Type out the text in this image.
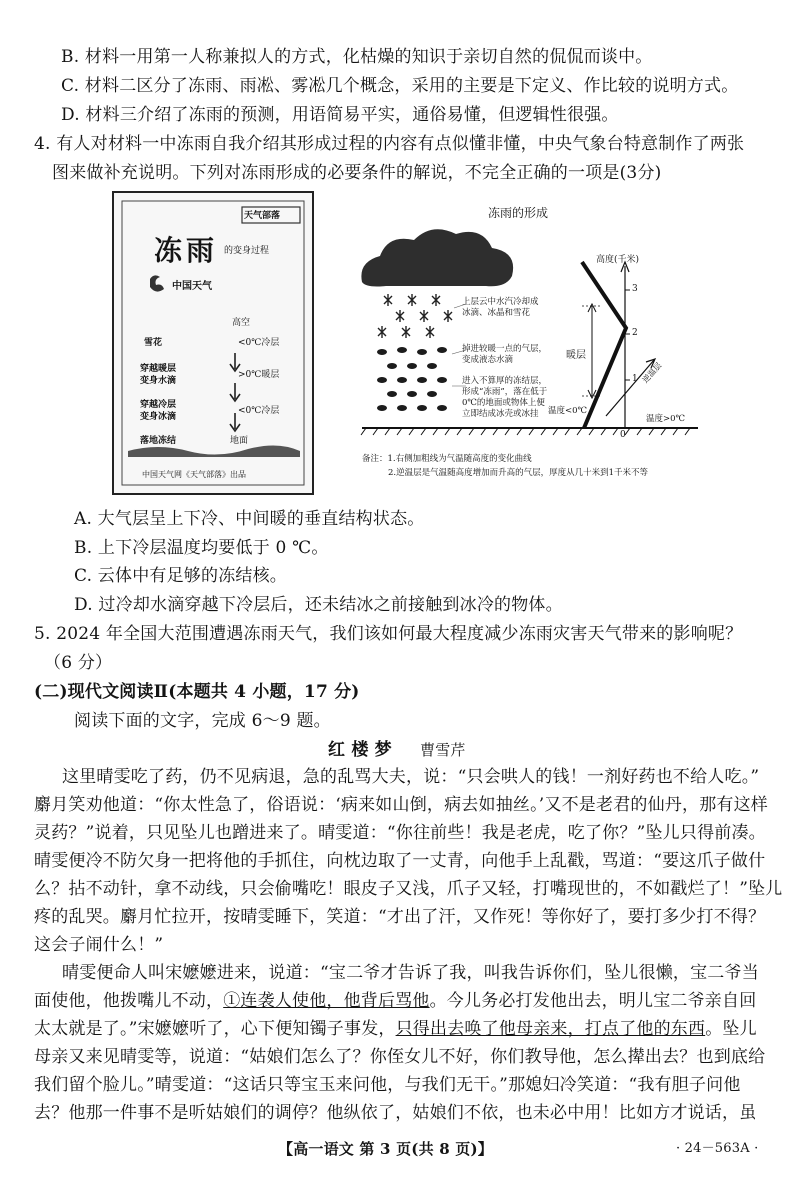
B. 材料一用第一人称兼拟人的方式，化枯燥的知识于亲切自然的侃侃而谈中。
C. 材料二区分了冻雨、雨凇、雾凇几个概念，采用的主要是下定义、作比较的说明方式。
D. 材料三介绍了冻雨的预测，用语简易平实，通俗易懂，但逻辑性很强。
4. 有人对材料一中冻雨自我介绍其形成过程的内容有点似懂非懂，中央气象台特意制作了两张
图来做补充说明。下列对冻雨形成的必要条件的解说，不完全正确的一项是(3分)
天气部落
冻雨 的变身过程
中国天气
高空
雪花	<0℃冷层
穿越暖层
变身水滴
>0℃暖层
穿越冷层
变身冰滴
<0℃冷层
落地冻结	地面
中国天气网《天气部落》出品
冻雨的形成
高度(千米)
3
2
1
0
上层云中水汽冷却成
冰滴、冰晶和雪花
掉进较暖一点的气层，
变成液态水滴
进入不算厚的冻结层，
形成“冻雨”，落在低于
0℃的地面或物体上便
立即结成冰壳或冰挂
暖层
逆温层
温度<0℃
温度>0℃
备注：1.右侧加粗线为气温随高度的变化曲线
2.逆温层是气温随高度增加而升高的气层，厚度从几十米到1千米不等
A. 大气层呈上下冷、中间暖的垂直结构状态。
B. 上下冷层温度均要低于 0 ℃。
C. 云体中有足够的冻结核。
D. 过冷却水滴穿越下冷层后，还未结冰之前接触到冰冷的物体。
5. 2024 年全国大范围遭遇冻雨天气，我们该如何最大程度减少冻雨灾害天气带来的影响呢？
（6 分）
(二)现代文阅读Ⅱ(本题共 4 小题，17 分)
阅读下面的文字，完成 6～9 题。
红 楼 梦 曹雪芹
这里晴雯吃了药，仍不见病退，急的乱骂大夫，说：“只会哄人的钱！一剂好药也不给人吃。”
麝月笑劝他道：“你太性急了，俗语说：‘病来如山倒，病去如抽丝。’又不是老君的仙丹，那有这样
灵药？”说着，只见坠儿也蹭进来了。晴雯道：“你往前些！我是老虎，吃了你？”坠儿只得前凑。
晴雯便冷不防欠身一把将他的手抓住，向枕边取了一丈青，向他手上乱戳，骂道：“要这爪子做什
么？拈不动针，拿不动线，只会偷嘴吃！眼皮子又浅，爪子又轻，打嘴现世的，不如戳烂了！”坠儿
疼的乱哭。麝月忙拉开，按晴雯睡下，笑道：“才出了汗，又作死！等你好了，要打多少打不得？
这会子闹什么！”
晴雯便命人叫宋嬷嬷进来，说道：“宝二爷才告诉了我，叫我告诉你们，坠儿很懒，宝二爷当
面使他，他拨嘴儿不动，①连袭人使他，他背后骂他。今儿务必打发他出去，明儿宝二爷亲自回
太太就是了。”宋嬷嬷听了，心下便知镯子事发，只得出去唤了他母亲来，打点了他的东西。坠儿
母亲又来见晴雯等，说道：“姑娘们怎么了？你侄女儿不好，你们教导他，怎么撵出去？也到底给
我们留个脸儿。”晴雯道：“这话只等宝玉来问他，与我们无干。”那媳妇冷笑道：“我有胆子问他
去？他那一件事不是听姑娘们的调停？他纵依了，姑娘们不依，也未必中用！比如方才说话，虽
【高一语文 第 3 页(共 8 页)】	· 24－563A ·
